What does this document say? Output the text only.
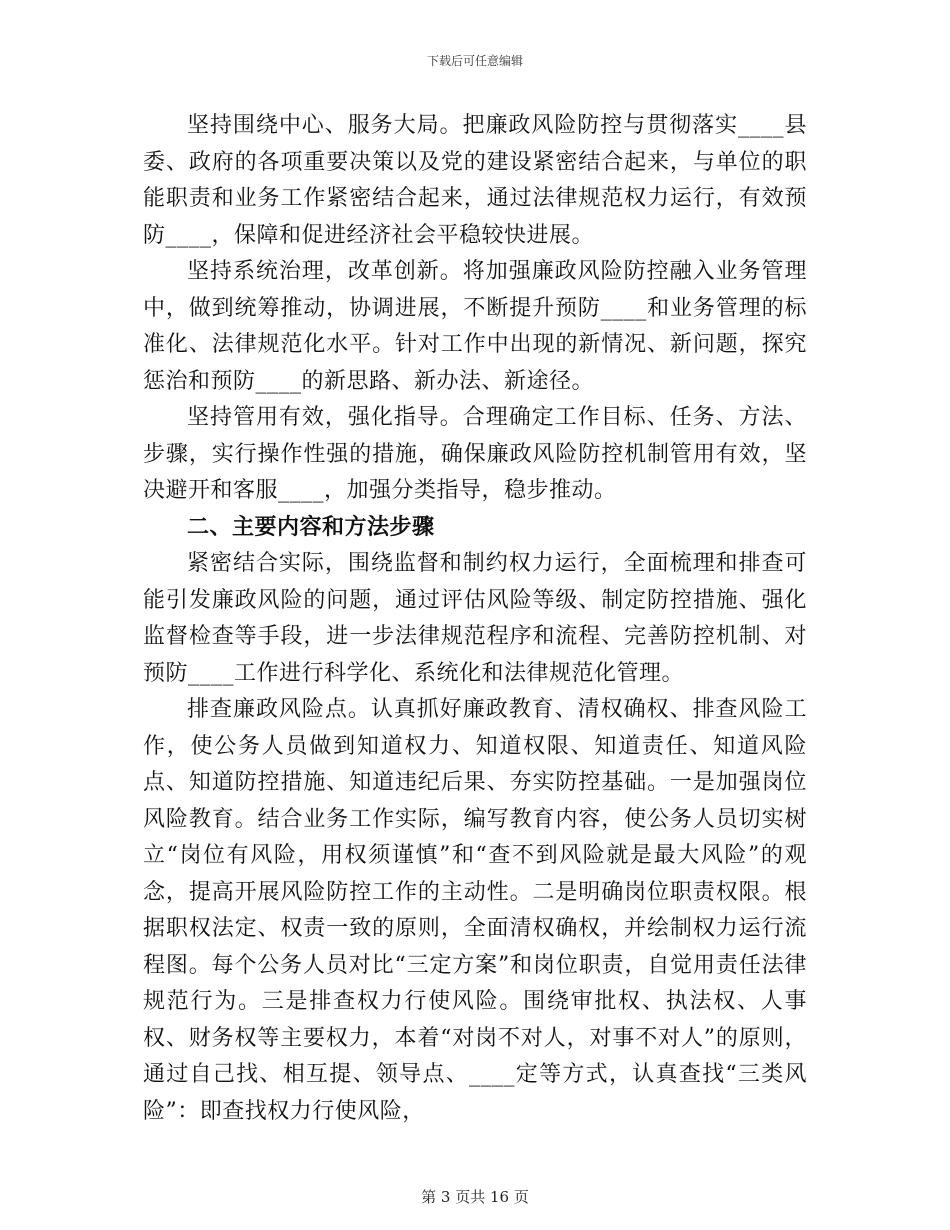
下载后可任意编辑

坚持围绕中心、服务大局。把廉政风险防控与贯彻落实____县委、政府的各项重要决策以及党的建设紧密结合起来，与单位的职能职责和业务工作紧密结合起来，通过法律规范权力运行，有效预防____，保障和促进经济社会平稳较快进展。

坚持系统治理，改革创新。将加强廉政风险防控融入业务管理中，做到统筹推动，协调进展，不断提升预防____和业务管理的标准化、法律规范化水平。针对工作中出现的新情况、新问题，探究惩治和预防____的新思路、新办法、新途径。

坚持管用有效，强化指导。合理确定工作目标、任务、方法、步骤，实行操作性强的措施，确保廉政风险防控机制管用有效，坚决避开和客服____，加强分类指导，稳步推动。

二、主要内容和方法步骤

紧密结合实际，围绕监督和制约权力运行，全面梳理和排查可能引发廉政风险的问题，通过评估风险等级、制定防控措施、强化监督检查等手段，进一步法律规范程序和流程、完善防控机制、对预防____工作进行科学化、系统化和法律规范化管理。

排查廉政风险点。认真抓好廉政教育、清权确权、排查风险工作，使公务人员做到知道权力、知道权限、知道责任、知道风险点、知道防控措施、知道违纪后果、夯实防控基础。一是加强岗位风险教育。结合业务工作实际，编写教育内容，使公务人员切实树立“岗位有风险，用权须谨慎”和“查不到风险就是最大风险”的观念，提高开展风险防控工作的主动性。二是明确岗位职责权限。根据职权法定、权责一致的原则，全面清权确权，并绘制权力运行流程图。每个公务人员对比“三定方案”和岗位职责，自觉用责任法律规范行为。三是排查权力行使风险。围绕审批权、执法权、人事权、财务权等主要权力，本着“对岗不对人，对事不对人”的原则，通过自己找、相互提、领导点、____定等方式，认真查找“三类风险”：即查找权力行使风险，

第 3 页共 16 页
